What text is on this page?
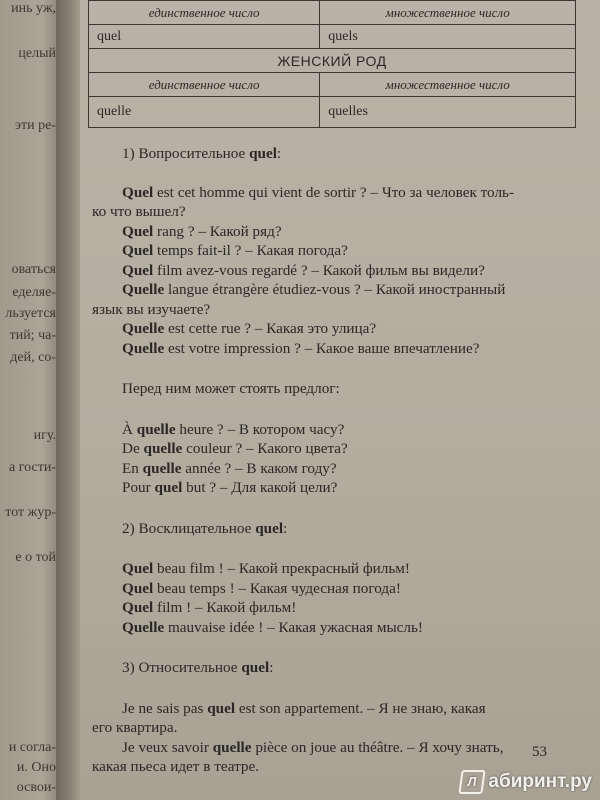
инь уж,
целый
эти ре-
оваться
еделяе-
льзуется
тий; ча-
дей, со-
игу.
а гости-
тот жур-
е о той
и согла-
и. Оно
освои-
единственное число	множественное число
quel	quels
ЖЕНСКИЙ РОД	
единственное число	множественное число
quelle	quelles

1) Вопросительное quel:

Quel est cet homme qui vient de sortir ? – Что за человек толь-

ко что вышел?

Quel rang ? – Какой ряд?

Quel temps fait-il ? – Какая погода?

Quel film avez-vous regardé ? – Какой фильм вы видели?

Quelle langue étrangère étudiez-vous ? – Какой иностранный

язык вы изучаете?

Quelle est cette rue ? – Какая это улица?

Quelle est votre impression ? – Какое ваше впечатление?

Перед ним может стоять предлог:

À quelle heure ? – В котором часу?

De quelle couleur ? – Какого цвета?

En quelle année ? – В каком году?

Pour quel but ? – Для какой цели?

2) Восклицательное quel:

Quel beau film ! – Какой прекрасный фильм!

Quel beau temps ! – Какая чудесная погода!

Quel film ! – Какой фильм!

Quelle mauvaise idée ! – Какая ужасная мысль!

3) Относительное quel:

Je ne sais pas quel est son appartement. – Я не знаю, какая

его квартира.

Je veux savoir quelle pièce on joue au théâtre. – Я хочу знать,

какая пьеса идет в театре.

53
Л абиринт.ру
